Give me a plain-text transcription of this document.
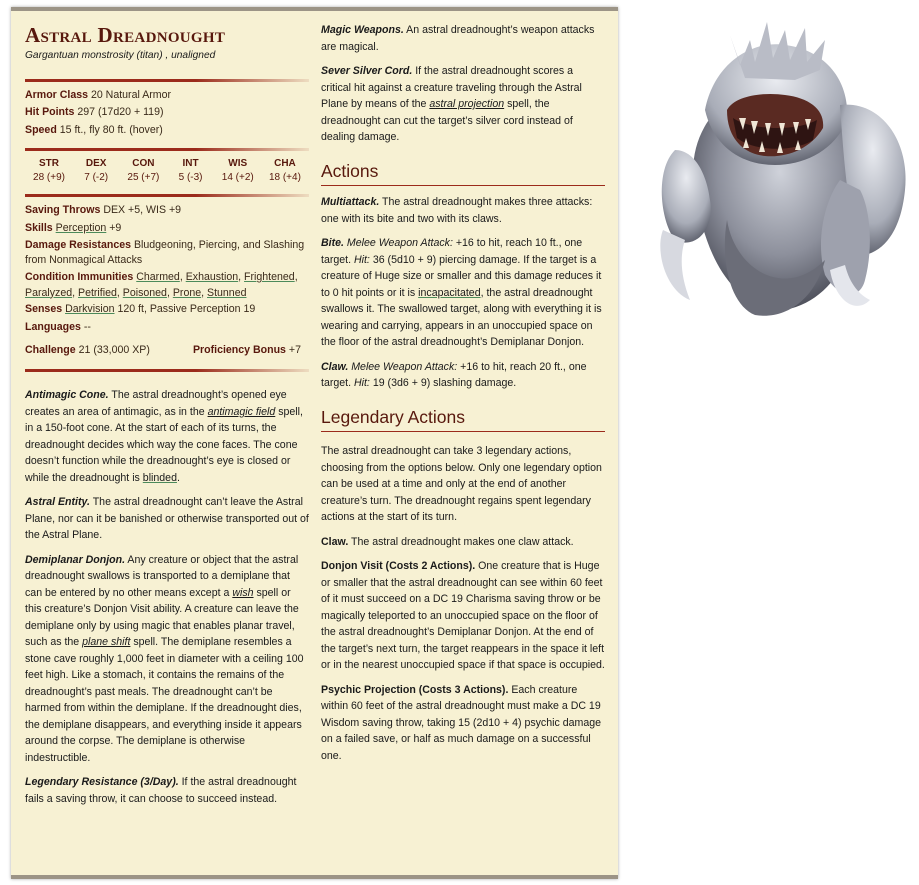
Astral Dreadnought
Gargantuan monstrosity (titan) , unaligned
Armor Class 20 Natural Armor
Hit Points 297 (17d20 + 119)
Speed 15 ft., fly 80 ft. (hover)
STR
28 (+9)
DEX
7 (-2)
CON
25 (+7)
INT
5 (-3)
WIS
14 (+2)
CHA
18 (+4)
Saving Throws DEX +5, WIS +9
Skills Perception +9
Damage Resistances Bludgeoning, Piercing, and Slashing from Nonmagical Attacks
Condition Immunities Charmed, Exhaustion, Frightened, Paralyzed, Petrified, Poisoned, Prone, Stunned
Senses Darkvision 120 ft, Passive Perception 19
Languages --
Challenge 21 (33,000 XP)	Proficiency Bonus +7
Antimagic Cone. The astral dreadnought’s opened eye creates an area of antimagic, as in the antimagic field spell, in a 150-foot cone. At the start of each of its turns, the dreadnought decides which way the cone faces. The cone doesn’t function while the dreadnought’s eye is closed or while the dreadnought is blinded.
Astral Entity. The astral dreadnought can’t leave the Astral Plane, nor can it be banished or otherwise transported out of the Astral Plane.
Demiplanar Donjon. Any creature or object that the astral dreadnought swallows is transported to a demiplane that can be entered by no other means except a wish spell or this creature’s Donjon Visit ability. A creature can leave the demiplane only by using magic that enables planar travel, such as the plane shift spell. The demiplane resembles a stone cave roughly 1,000 feet in diameter with a ceiling 100 feet high. Like a stomach, it contains the remains of the dreadnought’s past meals. The dreadnought can’t be harmed from within the demiplane. If the dreadnought dies, the demiplane disappears, and everything inside it appears around the corpse. The demiplane is otherwise indestructible.
Legendary Resistance (3/Day). If the astral dreadnought fails a saving throw, it can choose to succeed instead.
Magic Weapons. An astral dreadnought’s weapon attacks are magical.
Sever Silver Cord. If the astral dreadnought scores a critical hit against a creature traveling through the Astral Plane by means of the astral projection spell, the dreadnought can cut the target’s silver cord instead of dealing damage.
Actions
Multiattack. The astral dreadnought makes three attacks: one with its bite and two with its claws.
Bite. Melee Weapon Attack: +16 to hit, reach 10 ft., one target. Hit: 36 (5d10 + 9) piercing damage. If the target is a creature of Huge size or smaller and this damage reduces it to 0 hit points or it is incapacitated, the astral dreadnought swallows it. The swallowed target, along with everything it is wearing and carrying, appears in an unoccupied space on the floor of the astral dreadnought’s Demiplanar Donjon.
Claw. Melee Weapon Attack: +16 to hit, reach 20 ft., one target. Hit: 19 (3d6 + 9) slashing damage.
Legendary Actions
The astral dreadnought can take 3 legendary actions, choosing from the options below. Only one legendary option can be used at a time and only at the end of another creature’s turn. The dreadnought regains spent legendary actions at the start of its turn.
Claw. The astral dreadnought makes one claw attack.
Donjon Visit (Costs 2 Actions). One creature that is Huge or smaller that the astral dreadnought can see within 60 feet of it must succeed on a DC 19 Charisma saving throw or be magically teleported to an unoccupied space on the floor of the astral dreadnought’s Demiplanar Donjon. At the end of the target’s next turn, the target reappears in the space it left or in the nearest unoccupied space if that space is occupied.
Psychic Projection (Costs 3 Actions). Each creature within 60 feet of the astral dreadnought must make a DC 19 Wisdom saving throw, taking 15 (2d10 + 4) psychic damage on a failed save, or half as much damage on a successful one.
